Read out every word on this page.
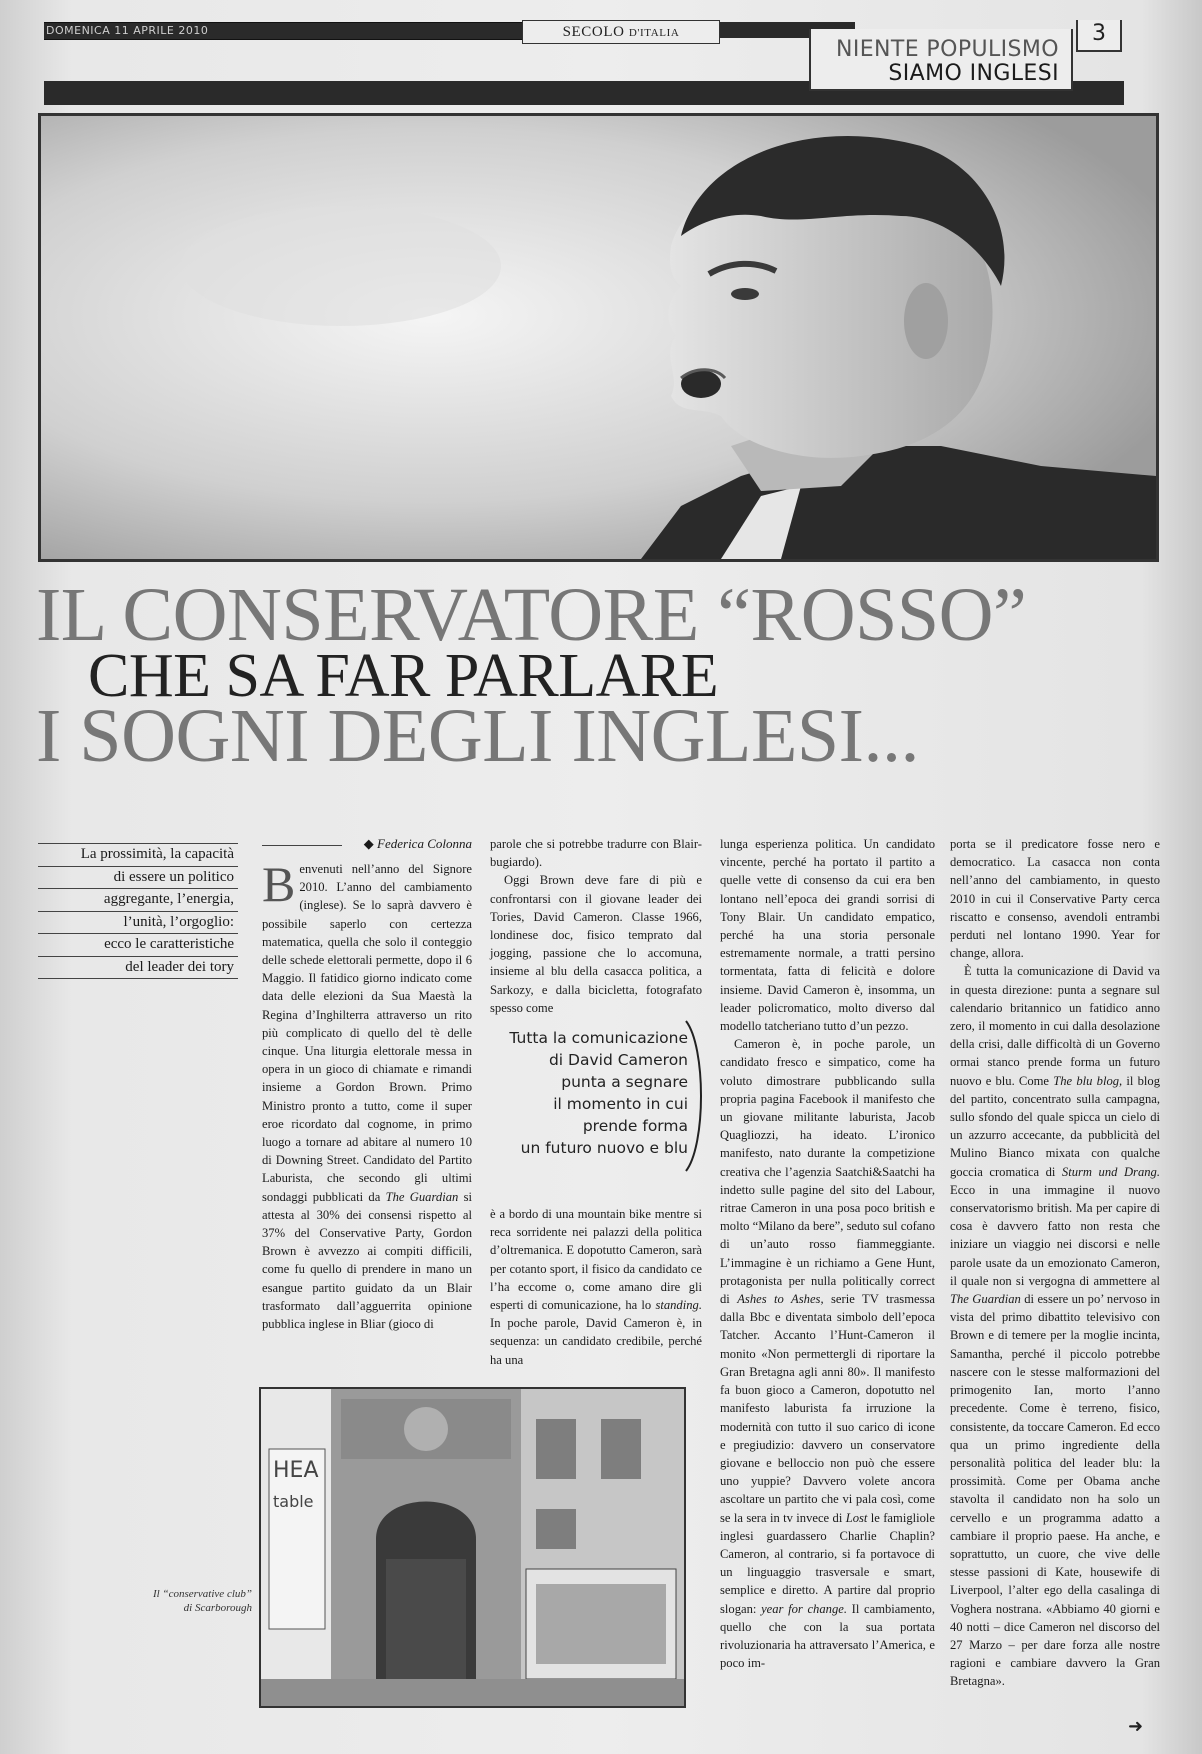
DOMENICA 11 APRILE 2010	SECOLO D'ITALIA
NIENTE POPULISMO
SIAMO INGLESI
3
IL CONSERVATORE “ROSSO”
CHE SA FAR PARLARE
I SOGNI DEGLI INGLESI...
La prossimità, la capacità
di essere un politico
aggregante, l’energia,
l’unità, l’orgoglio:
ecco le caratteristiche
del leader dei tory
◆ Federica Colonna

Benvenuti nell’anno del Signore 2010. L’anno del cambiamento (inglese). Se lo saprà davvero è possibile saperlo con certezza matematica, quella che solo il conteggio delle schede elettorali permette, dopo il 6 Maggio. Il fatidico giorno indicato come data delle elezioni da Sua Maestà la Regina d’Inghilterra attraverso un rito più complicato di quello del tè delle cinque. Una liturgia elettorale messa in opera in un gioco di chiamate e rimandi insieme a Gordon Brown. Primo Ministro pronto a tutto, come il super eroe ricordato dal cognome, in primo luogo a tornare ad abitare al numero 10 di Downing Street. Candidato del Partito Laburista, che secondo gli ultimi sondaggi pubblicati da The Guardian si attesta al 30% dei consensi rispetto al 37% del Conservative Party, Gordon Brown è avvezzo ai compiti difficili, come fu quello di prendere in mano un esangue partito guidato da un Blair trasformato dall’agguerrita opinione pubblica inglese in Bliar (gioco di

parole che si potrebbe tradurre con Blair-bugiardo).

Oggi Brown deve fare di più e confrontarsi con il giovane leader dei Tories, David Cameron. Classe 1966, londinese doc, fisico temprato dal jogging, passione che lo accomuna, insieme al blu della casacca politica, a Sarkozy, e dalla bicicletta, fotografato spesso come

Tutta la comunicazione
di David Cameron
punta a segnare
il momento in cui
prende forma
un futuro nuovo e blu

è a bordo di una mountain bike mentre si reca sorridente nei palazzi della politica d’oltremanica. E dopotutto Cameron, sarà per cotanto sport, il fisico da candidato ce l’ha eccome o, come amano dire gli esperti di comunicazione, ha lo standing. In poche parole, David Cameron è, in sequenza: un candidato credibile, perché ha una

lunga esperienza politica. Un candidato vincente, perché ha portato il partito a quelle vette di consenso da cui era ben lontano nell’epoca dei grandi sorrisi di Tony Blair. Un candidato empatico, perché ha una storia personale estremamente normale, a tratti persino tormentata, fatta di felicità e dolore insieme. David Cameron è, insomma, un leader policromatico, molto diverso dal modello tatcheriano tutto d’un pezzo.

Cameron è, in poche parole, un candidato fresco e simpatico, come ha voluto dimostrare pubblicando sulla propria pagina Facebook il manifesto che un giovane militante laburista, Jacob Quagliozzi, ha ideato. L’ironico manifesto, nato durante la competizione creativa che l’agenzia Saatchi&Saatchi ha indetto sulle pagine del sito del Labour, ritrae Cameron in una posa poco british e molto “Milano da bere”, seduto sul cofano di un’auto rosso fiammeggiante. L’immagine è un richiamo a Gene Hunt, protagonista per nulla politically correct di Ashes to Ashes, serie TV trasmessa dalla Bbc e diventata simbolo dell’epoca Tatcher. Accanto l’Hunt-Cameron il monito «Non permettergli di riportare la Gran Bretagna agli anni 80». Il manifesto fa buon gioco a Cameron, dopotutto nel manifesto laburista fa irruzione la modernità con tutto il suo carico di icone e pregiudizio: davvero un conservatore giovane e belloccio non può che essere uno yuppie? Davvero volete ancora ascoltare un partito che vi pala così, come se la sera in tv invece di Lost le famigliole inglesi guardassero Charlie Chaplin? Cameron, al contrario, si fa portavoce di un linguaggio trasversale e smart, semplice e diretto. A partire dal proprio slogan: year for change. Il cambiamento, quello che con la sua portata rivoluzionaria ha attraversato l’America, e poco im-

porta se il predicatore fosse nero e democratico. La casacca non conta nell’anno del cambiamento, in questo 2010 in cui il Conservative Party cerca riscatto e consenso, avendoli entrambi perduti nel lontano 1990. Year for change, allora.

È tutta la comunicazione di David va in questa direzione: punta a segnare sul calendario britannico un fatidico anno zero, il momento in cui dalla desolazione della crisi, dalle difficoltà di un Governo ormai stanco prende forma un futuro nuovo e blu. Come The blu blog, il blog del partito, concentrato sulla campagna, sullo sfondo del quale spicca un cielo di un azzurro accecante, da pubblicità del Mulino Bianco mixata con qualche goccia cromatica di Sturm und Drang. Ecco in una immagine il nuovo conservatorismo british. Ma per capire di cosa è davvero fatto non resta che iniziare un viaggio nei discorsi e nelle parole usate da un emozionato Cameron, il quale non si vergogna di ammettere al The Guardian di essere un po’ nervoso in vista del primo dibattito televisivo con Brown e di temere per la moglie incinta, Samantha, perché il piccolo potrebbe nascere con le stesse malformazioni del primogenito Ian, morto l’anno precedente. Come è terreno, fisico, consistente, da toccare Cameron. Ed ecco qua un primo ingrediente della personalità politica del leader blu: la prossimità. Come per Obama anche stavolta il candidato non ha solo un cervello e un programma adatto a cambiare il proprio paese. Ha anche, e soprattutto, un cuore, che vive delle stesse passioni di Kate, housewife di Liverpool, l’alter ego della casalinga di Voghera nostrana. «Abbiamo 40 giorni e 40 notti – dice Cameron nel discorso del 27 Marzo – per dare forza alle nostre ragioni e cambiare davvero la Gran Bretagna».

HEA
table
Il “conservative club”
di Scarborough
➜
